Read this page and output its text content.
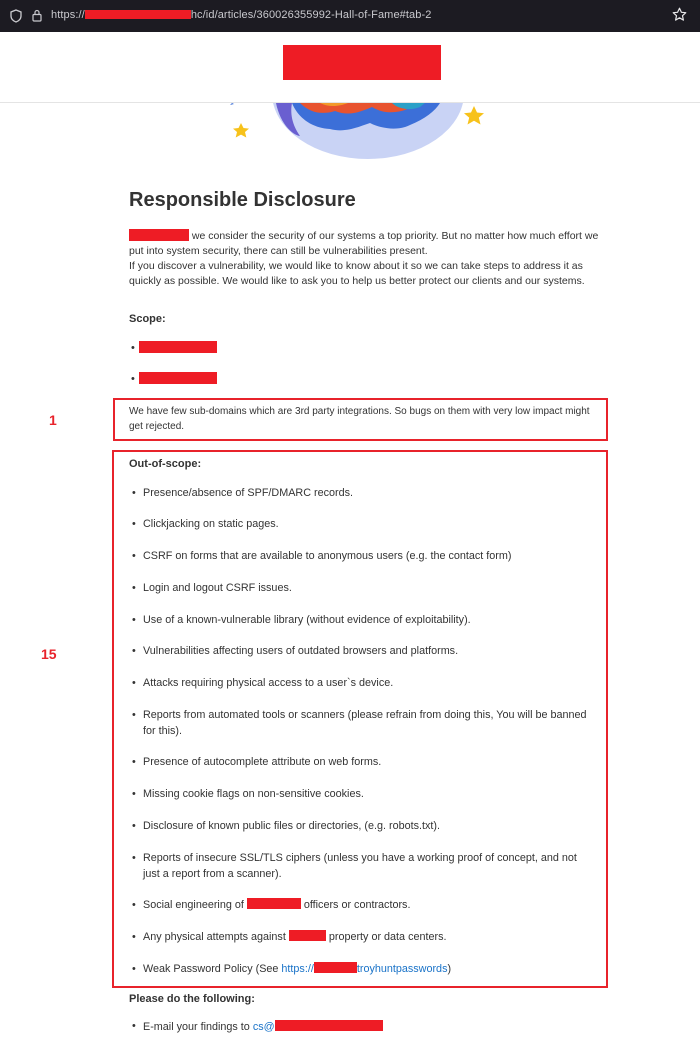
https://	hc/id/articles/360026355992-Hall-of-Fame#tab-2
Responsible Disclosure

we consider the security of our systems a top priority. But no matter how much effort we put into system security, there can still be vulnerabilities present.
If you discover a vulnerability, we would like to know about it so we can take steps to address it as quickly as possible. We would like to ask you to help us better protect our clients and our systems.

Scope:

•
•
1

We have few sub-domains which are 3rd party integrations. So bugs on them with very low impact might get rejected.

15

Out-of-scope:

• Presence/absence of SPF/DMARC records.
• Clickjacking on static pages.
• CSRF on forms that are available to anonymous users (e.g. the contact form)
• Login and logout CSRF issues.
• Use of a known-vulnerable library (without evidence of exploitability).
• Vulnerabilities affecting users of outdated browsers and platforms.
• Attacks requiring physical access to a user`s device.
• Reports from automated tools or scanners (please refrain from doing this, You will be banned for this).
• Presence of autocomplete attribute on web forms.
• Missing cookie flags on non-sensitive cookies.
• Disclosure of known public files or directories, (e.g. robots.txt).
• Reports of insecure SSL/TLS ciphers (unless you have a working proof of concept, and not just a report from a scanner).
• Social engineering of	officers or contractors.
• Any physical attempts against	property or data centers.
• Weak Password Policy (See https://	troyhuntpasswords)

Please do the following:

• E-mail your findings to cs@
